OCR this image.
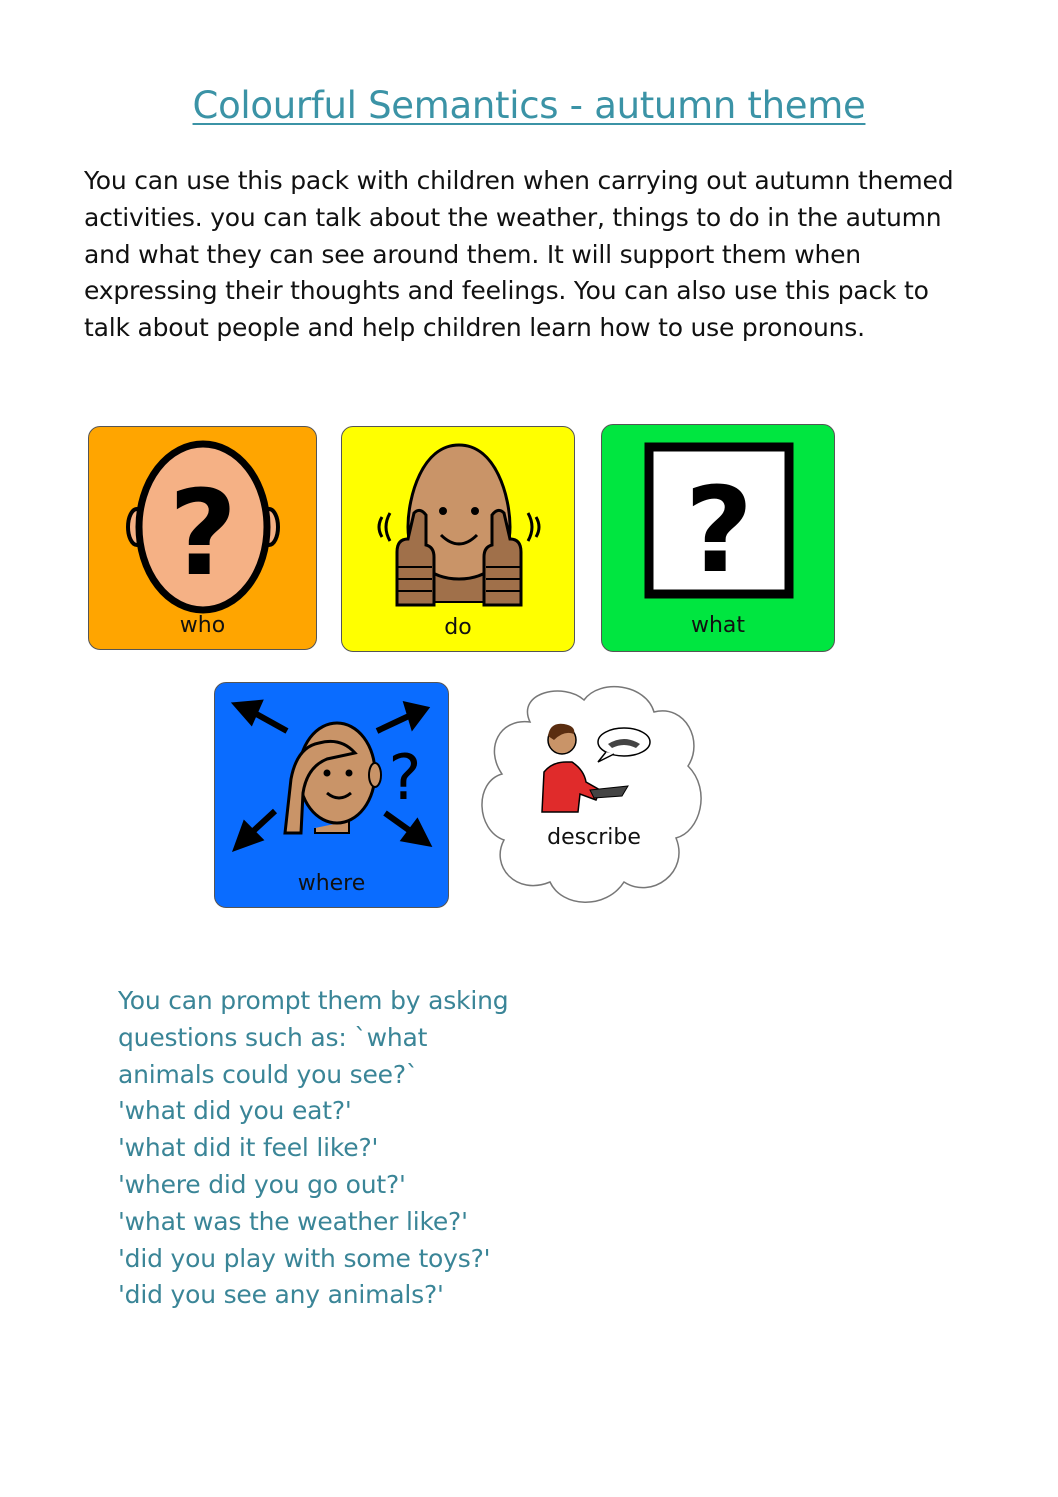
Colourful Semantics - autumn theme
You can use this pack with children when carrying out autumn themed activities. you can talk about the weather, things to do in the autumn and what they can see around them. It will support them when expressing their thoughts and feelings. You can also use this pack to talk about people and help children learn how to use pronouns.
?
who	do
?
what
?
where
describe
You can prompt them by asking
questions such as: `what
animals could you see?`
'what did you eat?'
'what did it feel like?'
'where did you go out?'
'what was the weather like?'
'did you play with some toys?'
'did you see any animals?'
